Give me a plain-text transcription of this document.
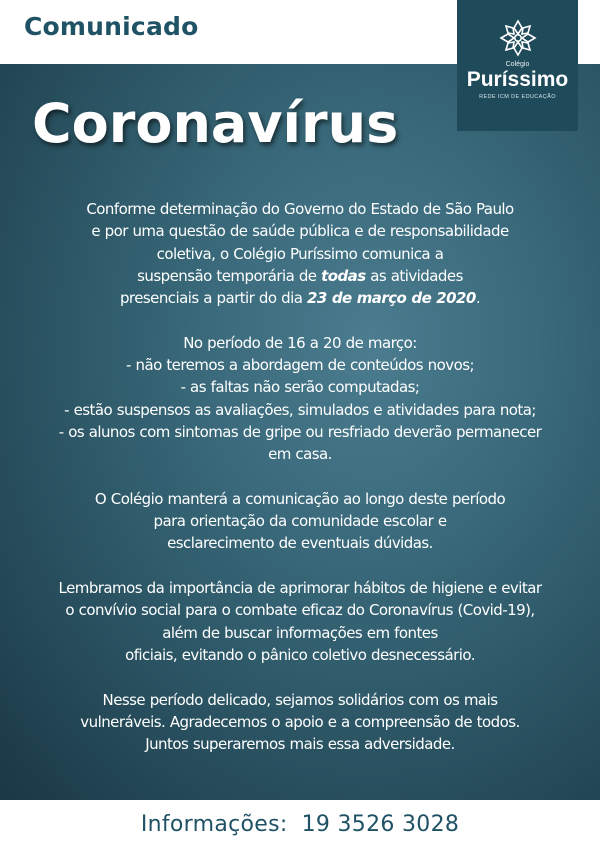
Comunicado
Colégio
Puríssimo
REDE ICM DE EDUCAÇÃO
Coronavírus
Conforme determinação do Governo do Estado de São Paulo
e por uma questão de saúde pública e de responsabilidade
coletiva, o Colégio Puríssimo comunica a
suspensão temporária de todas as atividades
presenciais a partir do dia 23 de março de 2020.
No período de 16 a 20 de março:
- não teremos a abordagem de conteúdos novos;
- as faltas não serão computadas;
- estão suspensos as avaliações, simulados e atividades para nota;
- os alunos com sintomas de gripe ou resfriado deverão permanecer
em casa.
O Colégio manterá a comunicação ao longo deste período
para orientação da comunidade escolar e
esclarecimento de eventuais dúvidas.
Lembramos da importância de aprimorar hábitos de higiene e evitar
o convívio social para o combate eficaz do Coronavírus (Covid-19),
além de buscar informações em fontes
oficiais, evitando o pânico coletivo desnecessário.
Nesse período delicado, sejamos solidários com os mais
vulneráveis. Agradecemos o apoio e a compreensão de todos.
Juntos superaremos mais essa adversidade.
Informações: 19 3526 3028
